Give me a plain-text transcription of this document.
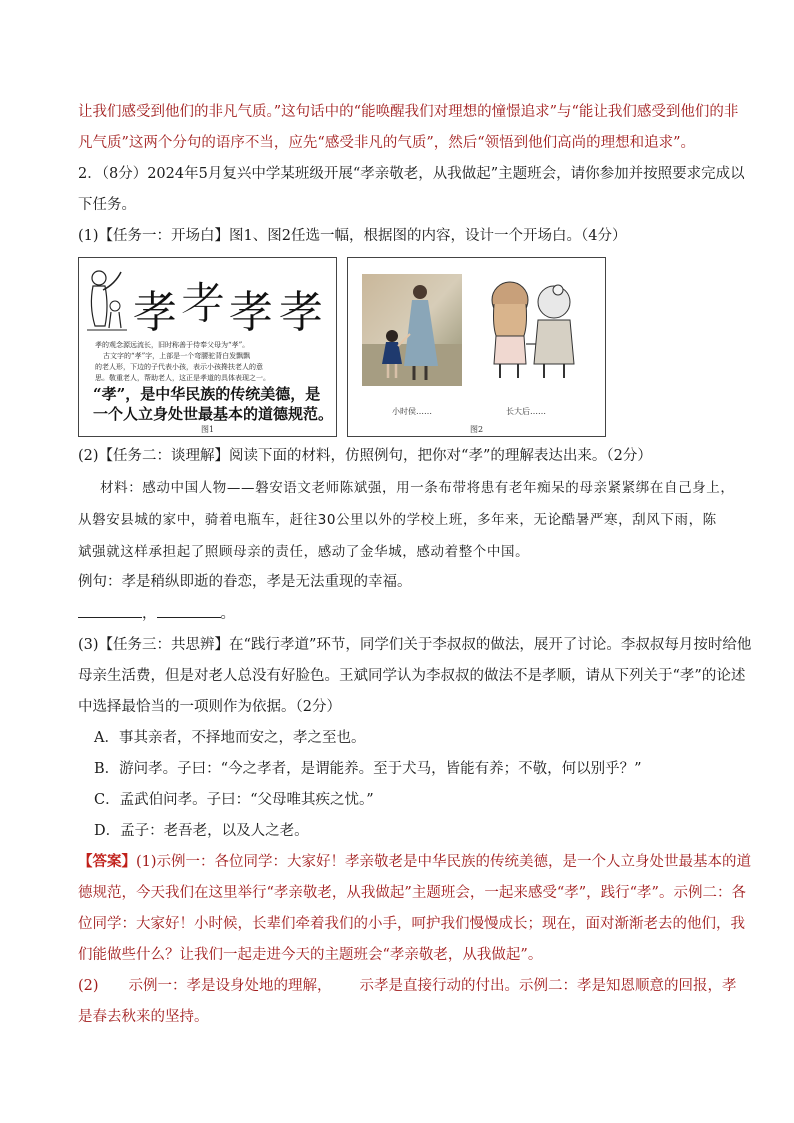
让我们感受到他们的非凡气质。”这句话中的“能唤醒我们对理想的憧憬追求”与“能让我们感受到他们的非
凡气质”这两个分句的语序不当，应先“感受非凡的气质”，然后“领悟到他们高尚的理想和追求”。
2．（8分）2024年5月复兴中学某班级开展“孝亲敬老，从我做起”主题班会，请你参加并按照要求完成以
下任务。
(1)【任务一：开场白】图1、图2任选一幅，根据图的内容，设计一个开场白。（4分）
孝 𦒱 孝 孝
孝的观念源远流长，旧时称善于侍奉父母为“孝”。
古文字的“孝”字，上部是一个弯腰驼背白发飘飘
的老人形，下边的子代表小孩，表示小孩搀扶老人的意
思。敬重老人，帮助老人，这正是孝道的具体表现之一。
“孝”，是中华民族的传统美德，是
一个人立身处世最基本的道德规范。
图1
小时侯……	长大后……
图2
(2)【任务二：谈理解】阅读下面的材料，仿照例句，把你对“孝”的理解表达出来。（2分）
材料：感动中国人物——磐安语文老师陈斌强，用一条布带将患有老年痴呆的母亲紧紧绑在自己身上，
从磐安县城的家中，骑着电瓶车，赶往30公里以外的学校上班，多年来，无论酷暑严寒，刮风下雨，陈
斌强就这样承担起了照顾母亲的责任，感动了金华城，感动着整个中国。
例句：孝是稍纵即逝的眷恋，孝是无法重现的幸福。
，	。
(3)【任务三：共思辨】在“践行孝道”环节，同学们关于李叔叔的做法，展开了讨论。李叔叔每月按时给他
母亲生活费，但是对老人总没有好脸色。王斌同学认为李叔叔的做法不是孝顺，请从下列关于“孝”的论述
中选择最恰当的一项则作为依据。（2分）
A．事其亲者，不择地而安之，孝之至也。
B．游问孝。子曰：“今之孝者，是谓能养。至于犬马，皆能有养；不敬，何以别乎？”
C．孟武伯问孝。子曰：“父母唯其疾之忧。”
D．孟子：老吾老，以及人之老。
【答案】(1)示例一：各位同学：大家好！孝亲敬老是中华民族的传统美德，是一个人立身处世最基本的道
德规范，今天我们在这里举行“孝亲敬老，从我做起”主题班会，一起来感受“孝”，践行“孝”。示例二：各
位同学：大家好！小时候，长辈们牵着我们的小手，呵护我们慢慢成长；现在，面对渐渐老去的他们，我
们能做些什么？让我们一起走进今天的主题班会“孝亲敬老，从我做起”。
(2) 示例一：孝是设身处地的理解， 示孝是直接行动的付出。示例二：孝是知恩顺意的回报，孝
是春去秋来的坚持。
